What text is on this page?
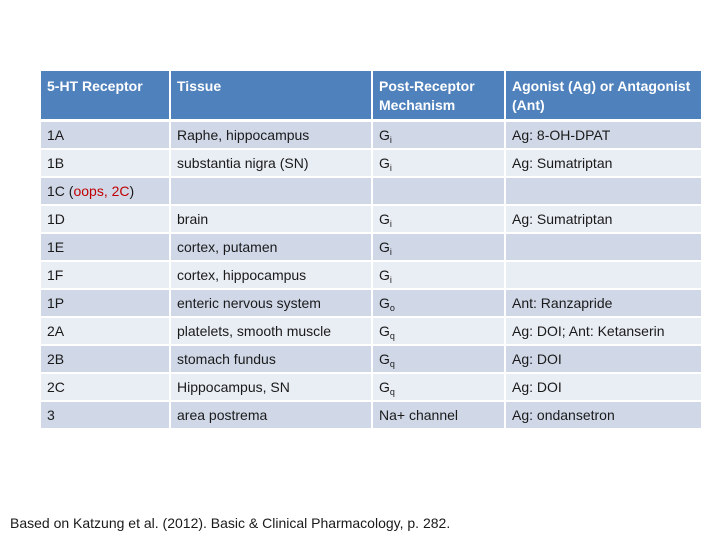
5-HT Receptor	Tissue	Post-Receptor Mechanism	Agonist (Ag) or Antagonist (Ant)
1A	Raphe, hippocampus	$G_i$	Ag: 8-OH-DPAT
1B	substantia nigra (SN)	$G_i$	Ag: Sumatriptan
1C (oops, 2C)			
1D	brain	$G_i$	Ag: Sumatriptan
1E	cortex, putamen	$G_i$	
1F	cortex, hippocampus	$G_i$	
1P	enteric nervous system	$G_o$	Ant: Ranzapride
2A	platelets, smooth muscle	$G_q$	Ag: DOI; Ant: Ketanserin
2B	stomach fundus	$G_q$	Ag: DOI
2C	Hippocampus, SN	$G_q$	Ag: DOI
3	area postrema	Na+ channel	Ag: ondansetron
Based on Katzung et al. (2012). Basic & Clinical Pharmacology, p. 282.
